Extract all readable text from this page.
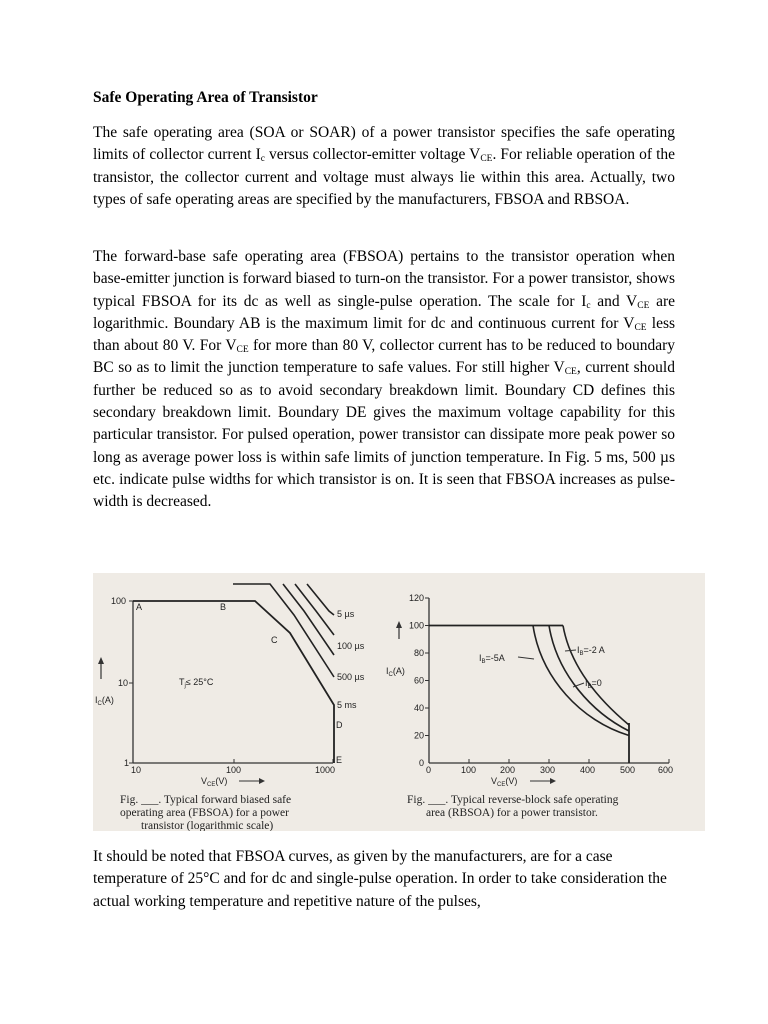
Safe Operating Area of Transistor

The safe operating area (SOA or SOAR) of a power transistor specifies the safe operating limits of collector current $I_c$ versus collector-emitter voltage $V_{CE}$. For reliable operation of the transistor, the collector current and voltage must always lie within this area. Actually, two types of safe operating areas are specified by the manufacturers, FBSOA and RBSOA.

The forward-base safe operating area (FBSOA) pertains to the transistor operation when base-emitter junction is forward biased to turn-on the transistor. For a power transistor, shows typical FBSOA for its dc as well as single-pulse operation. The scale for $I_c$ and $V_{CE}$ are logarithmic. Boundary AB is the maximum limit for dc and continuous current for $V_{CE}$ less than about 80 V. For $V_{CE}$ for more than 80 V, collector current has to be reduced to boundary BC so as to limit the junction temperature to safe values. For still higher $V_{CE}$, current should further be reduced so as to avoid secondary breakdown limit. Boundary CD defines this secondary breakdown limit. Boundary DE gives the maximum voltage capability for this particular transistor. For pulsed operation, power transistor can dissipate more peak power so long as average power loss is within safe limits of junction temperature. In Fig. 5 ms, 500 µs etc. indicate pulse widths for which transistor is on. It is seen that FBSOA increases as pulse-width is decreased.

It should be noted that FBSOA curves, as given by the manufacturers, are for a case temperature of 25°C and for dc and single-pulse operation. In order to take consideration the actual working temperature and repetitive nature of the pulses,

100
10
1
10	100	1000
$I_C(A)$
$V_{CE}(V)$
$T_j\le 25^\circ C$
A	B
C
D
E
5 µs
100 µs
500 µs
5 ms
Fig. ___. Typical forward biased safe
operating area (FBSOA) for a power
transistor (logarithmic scale)
120
100
80
60
40
20
0
0	100	200	300	400	500	600
$I_C(A)$
$V_{CE}(V)$
$I_B=-5A$
$I_B=-2$ A
$I_B=0$
Fig. ___. Typical reverse-block safe operating
area (RBSOA) for a power transistor.
